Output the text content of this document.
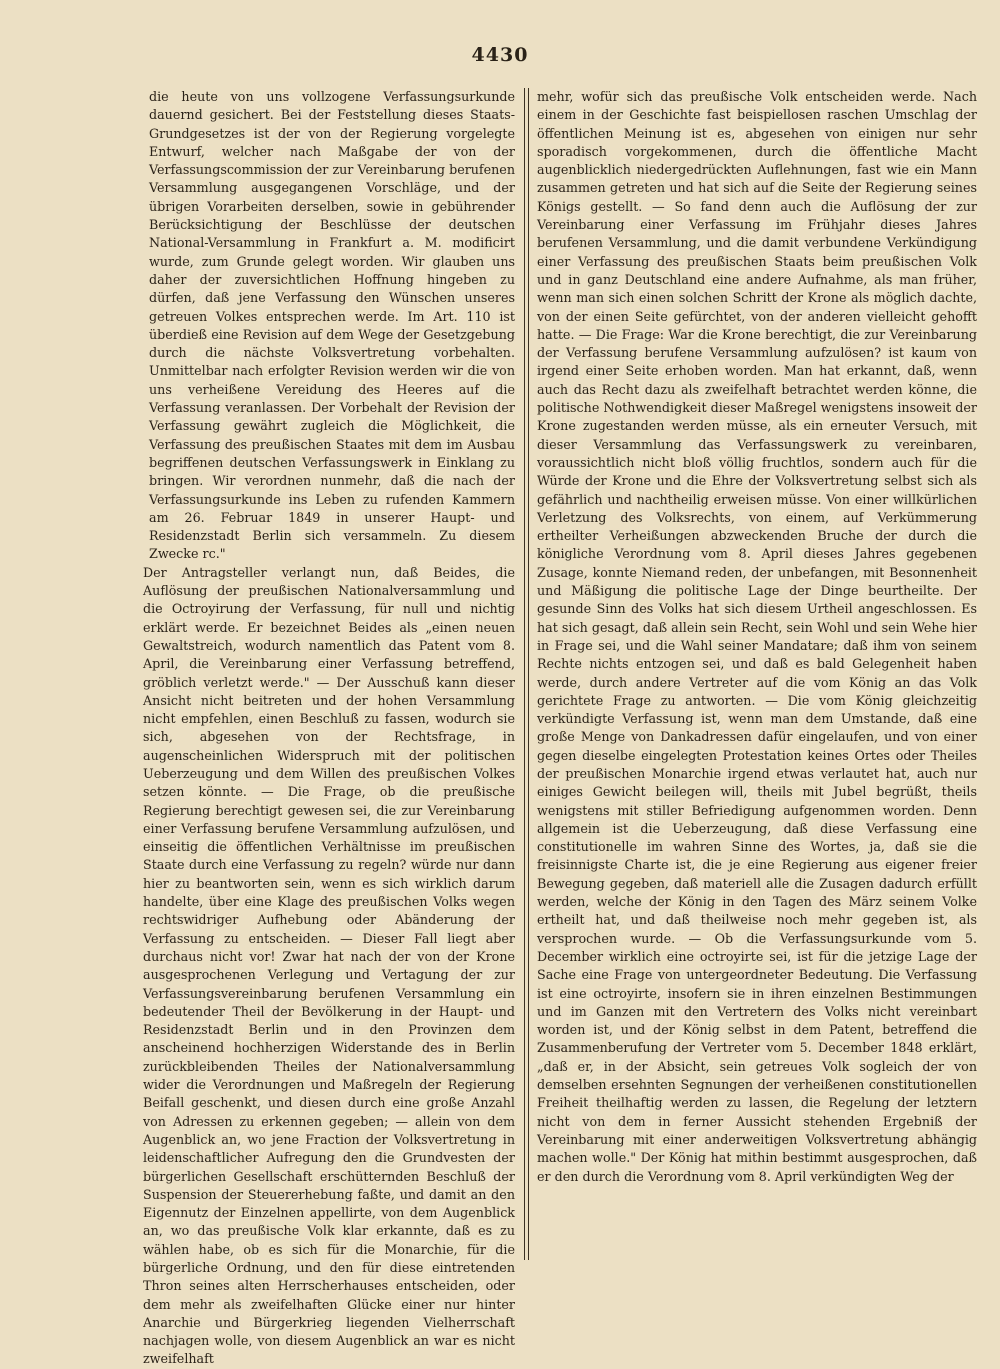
4430

die heute von uns vollzogene Verfassungsurkunde dauernd gesichert. Bei der Feststellung dieses Staats-Grundgesetzes ist der von der Regierung vorgelegte Entwurf, welcher nach Maßgabe der von der Verfassungscommission der zur Vereinbarung berufenen Versammlung ausgegangenen Vorschläge, und der übrigen Vorarbeiten derselben, sowie in gebührender Berücksichtigung der Beschlüsse der deutschen National-Versammlung in Frankfurt a. M. modificirt wurde, zum Grunde gelegt worden. Wir glauben uns daher der zuversichtlichen Hoffnung hingeben zu dürfen, daß jene Verfassung den Wünschen unseres getreuen Volkes entsprechen werde. Im Art. 110 ist überdieß eine Revision auf dem Wege der Gesetzgebung durch die nächste Volksvertretung vorbehalten. Unmittelbar nach erfolgter Revision werden wir die von uns verheißene Vereidung des Heeres auf die Verfassung veranlassen. Der Vorbehalt der Revision der Verfassung gewährt zugleich die Möglichkeit, die Verfassung des preußischen Staates mit dem im Ausbau begriffenen deutschen Verfassungswerk in Einklang zu bringen. Wir verordnen nunmehr, daß die nach der Verfassungsurkunde ins Leben zu rufenden Kammern am 26. Februar 1849 in unserer Haupt- und Residenzstadt Berlin sich versammeln. Zu diesem Zwecke rc."

Der Antragsteller verlangt nun, daß Beides, die Auflösung der preußischen Nationalversammlung und die Octroyirung der Verfassung, für null und nichtig erklärt werde. Er bezeichnet Beides als „einen neuen Gewaltstreich, wodurch namentlich das Patent vom 8. April, die Vereinbarung einer Verfassung betreffend, gröblich verletzt werde." — Der Ausschuß kann dieser Ansicht nicht beitreten und der hohen Versammlung nicht empfehlen, einen Beschluß zu fassen, wodurch sie sich, abgesehen von der Rechtsfrage, in augenscheinlichen Widerspruch mit der politischen Ueberzeugung und dem Willen des preußischen Volkes setzen könnte. — Die Frage, ob die preußische Regierung berechtigt gewesen sei, die zur Vereinbarung einer Verfassung berufene Versammlung aufzulösen, und einseitig die öffentlichen Verhältnisse im preußischen Staate durch eine Verfassung zu regeln? würde nur dann hier zu beantworten sein, wenn es sich wirklich darum handelte, über eine Klage des preußischen Volks wegen rechtswidriger Aufhebung oder Abänderung der Verfassung zu entscheiden. — Dieser Fall liegt aber durchaus nicht vor! Zwar hat nach der von der Krone ausgesprochenen Verlegung und Vertagung der zur Verfassungsvereinbarung berufenen Versammlung ein bedeutender Theil der Bevölkerung in der Haupt- und Residenzstadt Berlin und in den Provinzen dem anscheinend hochherzigen Widerstande des in Berlin zurückbleibenden Theiles der Nationalversammlung wider die Verordnungen und Maßregeln der Regierung Beifall geschenkt, und diesen durch eine große Anzahl von Adressen zu erkennen gegeben; — allein von dem Augenblick an, wo jene Fraction der Volksvertretung in leidenschaftlicher Aufregung den die Grundvesten der bürgerlichen Gesellschaft erschütternden Beschluß der Suspension der Steuererhebung faßte, und damit an den Eigennutz der Einzelnen appellirte, von dem Augenblick an, wo das preußische Volk klar erkannte, daß es zu wählen habe, ob es sich für die Monarchie, für die bürgerliche Ordnung, und den für diese eintretenden Thron seines alten Herrscherhauses entscheiden, oder dem mehr als zweifelhaften Glücke einer nur hinter Anarchie und Bürgerkrieg liegenden Vielherrschaft nachjagen wolle, von diesem Augenblick an war es nicht zweifelhaft

mehr, wofür sich das preußische Volk entscheiden werde. Nach einem in der Geschichte fast beispiellosen raschen Umschlag der öffentlichen Meinung ist es, abgesehen von einigen nur sehr sporadisch vorgekommenen, durch die öffentliche Macht augenblicklich niedergedrückten Auflehnungen, fast wie ein Mann zusammen getreten und hat sich auf die Seite der Regierung seines Königs gestellt. — So fand denn auch die Auflösung der zur Vereinbarung einer Verfassung im Frühjahr dieses Jahres berufenen Versammlung, und die damit verbundene Verkündigung einer Verfassung des preußischen Staats beim preußischen Volk und in ganz Deutschland eine andere Aufnahme, als man früher, wenn man sich einen solchen Schritt der Krone als möglich dachte, von der einen Seite gefürchtet, von der anderen vielleicht gehofft hatte. — Die Frage: War die Krone berechtigt, die zur Vereinbarung der Verfassung berufene Versammlung aufzulösen? ist kaum von irgend einer Seite erhoben worden. Man hat erkannt, daß, wenn auch das Recht dazu als zweifelhaft betrachtet werden könne, die politische Nothwendigkeit dieser Maßregel wenigstens insoweit der Krone zugestanden werden müsse, als ein erneuter Versuch, mit dieser Versammlung das Verfassungswerk zu vereinbaren, voraussichtlich nicht bloß völlig fruchtlos, sondern auch für die Würde der Krone und die Ehre der Volksvertretung selbst sich als gefährlich und nachtheilig erweisen müsse. Von einer willkürlichen Verletzung des Volksrechts, von einem, auf Verkümmerung ertheilter Verheißungen abzweckenden Bruche der durch die königliche Verordnung vom 8. April dieses Jahres gegebenen Zusage, konnte Niemand reden, der unbefangen, mit Besonnenheit und Mäßigung die politische Lage der Dinge beurtheilte. Der gesunde Sinn des Volks hat sich diesem Urtheil angeschlossen. Es hat sich gesagt, daß allein sein Recht, sein Wohl und sein Wehe hier in Frage sei, und die Wahl seiner Mandatare; daß ihm von seinem Rechte nichts entzogen sei, und daß es bald Gelegenheit haben werde, durch andere Vertreter auf die vom König an das Volk gerichtete Frage zu antworten. — Die vom König gleichzeitig verkündigte Verfassung ist, wenn man dem Umstande, daß eine große Menge von Dankadressen dafür eingelaufen, und von einer gegen dieselbe eingelegten Protestation keines Ortes oder Theiles der preußischen Monarchie irgend etwas verlautet hat, auch nur einiges Gewicht beilegen will, theils mit Jubel begrüßt, theils wenigstens mit stiller Befriedigung aufgenommen worden. Denn allgemein ist die Ueberzeugung, daß diese Verfassung eine constitutionelle im wahren Sinne des Wortes, ja, daß sie die freisinnigste Charte ist, die je eine Regierung aus eigener freier Bewegung gegeben, daß materiell alle die Zusagen dadurch erfüllt werden, welche der König in den Tagen des März seinem Volke ertheilt hat, und daß theilweise noch mehr gegeben ist, als versprochen wurde. — Ob die Verfassungsurkunde vom 5. December wirklich eine octroyirte sei, ist für die jetzige Lage der Sache eine Frage von untergeordneter Bedeutung. Die Verfassung ist eine octroyirte, insofern sie in ihren einzelnen Bestimmungen und im Ganzen mit den Vertretern des Volks nicht vereinbart worden ist, und der König selbst in dem Patent, betreffend die Zusammenberufung der Vertreter vom 5. December 1848 erklärt, „daß er, in der Absicht, sein getreues Volk sogleich der von demselben ersehnten Segnungen der verheißenen constitutionellen Freiheit theilhaftig werden zu lassen, die Regelung der letztern nicht von dem in ferner Aussicht stehenden Ergebniß der Vereinbarung mit einer anderweitigen Volksvertretung abhängig machen wolle." Der König hat mithin bestimmt ausgesprochen, daß er den durch die Verordnung vom 8. April verkündigten Weg der
